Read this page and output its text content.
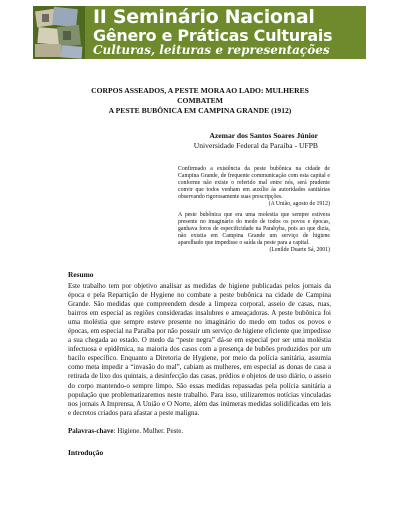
II Seminário Nacional
Gênero e Práticas Culturais
Culturas, leituras e representações
CORPOS ASSEADOS, A PESTE MORA AO LADO: MULHERES COMBATEM
A PESTE BUBÔNICA EM CAMPINA GRANDE (1912)
Azemar dos Santos Soares Júnior
Universidade Federal da Paraíba - UFPB
Confirmado a existência da peste bubônica na cidade de Campina Grande, de frequente communicação com esta capital e conforme não existe o referido mal entre nós, será prudente convir que todos venham em auxílio às autoridades sanitárias observando rigorosamente suas prescripções.
(A União, agosto de 1912)
A peste bubônica que era uma molestia que sempre estivera presente no imaginário do medo de todos os povos e épocas, ganhava foros de especificidade na Parahyba, pois ao que dizia, não existia em Campina Grande um serviço de higiene aparelhado que impedisse o saída da peste para a capital.
(Lenilde Duarte Sá, 2001)
Resumo
Este trabalho tem por objetivo analisar as medidas de higiene publicadas pelos jornais da época e pela Repartição de Hygiene no combate a peste bubônica na cidade de Campina Grande. São medidas que compreendem desde a limpeza corporal, asseio de casas, ruas, bairros em especial as regiões consideradas insalubres e ameaçadoras. A peste bubônica foi uma moléstia que sempre esteve presente no imaginário do medo em todos os povos e épocas, em especial na Paraíba por não possuir um serviço de higiene eficiente que impedisse a sua chegada ao estado. O medo da “peste negra” dá-se em especial por ser uma moléstia infectuosa e epidêmica, na maioria dos casos com a presença de bubões produzidos por um bacilo específico. Enquanto a Diretoria de Hygiene, por meio da polícia sanitária, assumia como meta impedir a “invasão do mal”, cabiam as mulheres, em especial as donas de casa a retirada de lixo dos quintais, a desinfecção das casas, prédios e objetos de uso diário, o asseio do corpo mantendo-o sempre limpo. São essas medidas repassadas pela polícia sanitária a população que problematizaremos neste trabalho. Para isso, utilizaremos notícias vinculadas nos jornais A Imprensa, A União e O Norte, além das inúmeras medidas solidificadas em leis e decretos criados para afastar a peste maligna.
Palavras-chave: Higiene. Mulher. Peste.
Introdução
